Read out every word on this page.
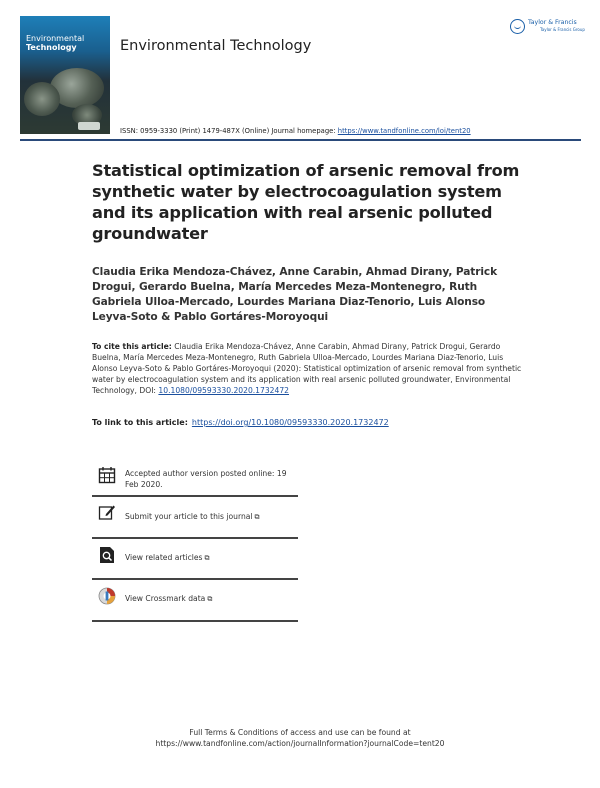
Environmental
Technology	Environmental Technology
Taylor & Francis
Taylor & Francis Group
ISSN: 0959-3330 (Print) 1479-487X (Online) Journal homepage: https://www.tandfonline.com/loi/tent20
Statistical optimization of arsenic removal from synthetic water by electrocoagulation system and its application with real arsenic polluted groundwater
Claudia Erika Mendoza-Chávez, Anne Carabin, Ahmad Dirany, Patrick Drogui, Gerardo Buelna, María Mercedes Meza-Montenegro, Ruth Gabriela Ulloa-Mercado, Lourdes Mariana Diaz-Tenorio, Luis Alonso Leyva-Soto & Pablo Gortáres-Moroyoqui
To cite this article: Claudia Erika Mendoza-Chávez, Anne Carabin, Ahmad Dirany, Patrick Drogui, Gerardo Buelna, María Mercedes Meza-Montenegro, Ruth Gabriela Ulloa-Mercado, Lourdes Mariana Diaz-Tenorio, Luis Alonso Leyva-Soto & Pablo Gortáres-Moroyoqui (2020): Statistical optimization of arsenic removal from synthetic water by electrocoagulation system and its application with real arsenic polluted groundwater, Environmental Technology, DOI: 10.1080/09593330.2020.1732472
To link to this article: https://doi.org/10.1080/09593330.2020.1732472
Accepted author version posted online: 19 Feb 2020.
Submit your article to this journal ⧉
View related articles ⧉
View Crossmark data ⧉
Full Terms & Conditions of access and use can be found at
https://www.tandfonline.com/action/journalInformation?journalCode=tent20
